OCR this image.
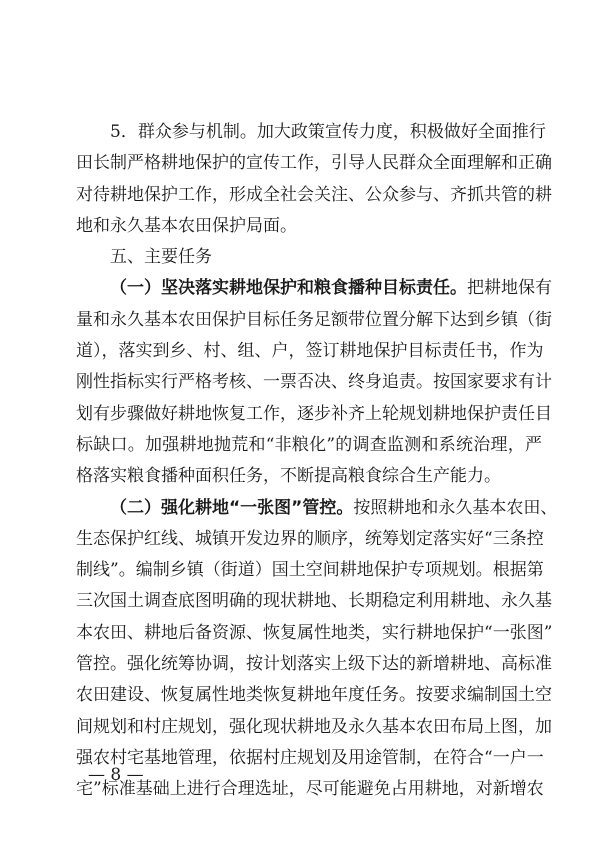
5．群众参与机制。加大政策宣传力度，积极做好全面推行
田长制严格耕地保护的宣传工作，引导人民群众全面理解和正确
对待耕地保护工作，形成全社会关注、公众参与、齐抓共管的耕
地和永久基本农田保护局面。
五、主要任务
（一）坚决落实耕地保护和粮食播种目标责任。把耕地保有
量和永久基本农田保护目标任务足额带位置分解下达到乡镇（街
道），落实到乡、村、组、户，签订耕地保护目标责任书，作为
刚性指标实行严格考核、一票否决、终身追责。按国家要求有计
划有步骤做好耕地恢复工作，逐步补齐上轮规划耕地保护责任目
标缺口。加强耕地抛荒和“非粮化”的调查监测和系统治理，严
格落实粮食播种面积任务，不断提高粮食综合生产能力。
（二）强化耕地“一张图”管控。按照耕地和永久基本农田、
生态保护红线、城镇开发边界的顺序，统筹划定落实好“三条控
制线”。编制乡镇（街道）国土空间耕地保护专项规划。根据第
三次国土调查底图明确的现状耕地、长期稳定利用耕地、永久基
本农田、耕地后备资源、恢复属性地类，实行耕地保护“一张图”
管控。强化统筹协调，按计划落实上级下达的新增耕地、高标准
农田建设、恢复属性地类恢复耕地年度任务。按要求编制国土空
间规划和村庄规划，强化现状耕地及永久基本农田布局上图，加
强农村宅基地管理，依据村庄规划及用途管制，在符合“一户一
宅”标准基础上进行合理选址，尽可能避免占用耕地，对新增农
— 8 —
